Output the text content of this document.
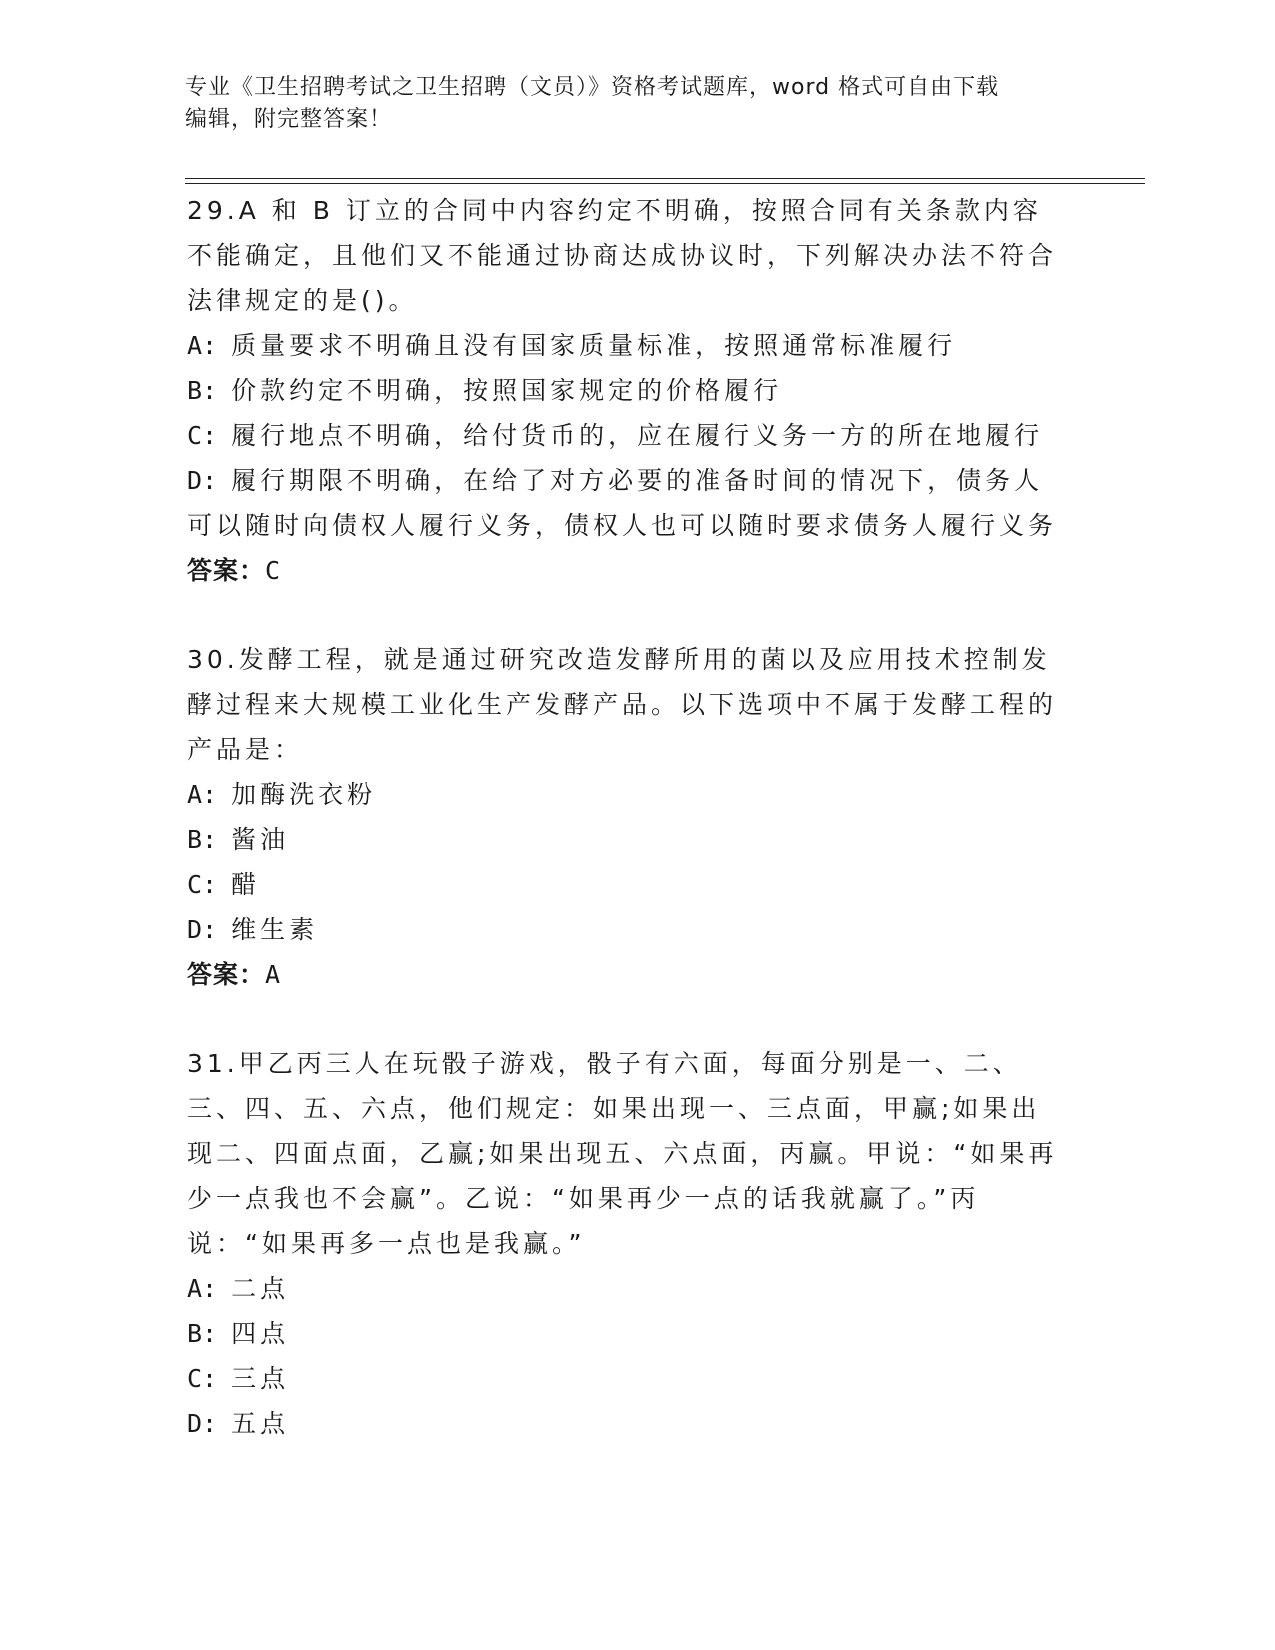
专业《卫生招聘考试之卫生招聘（文员）》资格考试题库，word 格式可自由下载
编辑，附完整答案！

29.A 和 B 订立的合同中内容约定不明确，按照合同有关条款内容不能确定，且他们又不能通过协商达成协议时，下列解决办法不符合法律规定的是()。

A: 质量要求不明确且没有国家质量标准，按照通常标准履行

B: 价款约定不明确，按照国家规定的价格履行

C: 履行地点不明确，给付货币的，应在履行义务一方的所在地履行

D: 履行期限不明确，在给了对方必要的准备时间的情况下，债务人可以随时向债权人履行义务，债权人也可以随时要求债务人履行义务

答案：C

30.发酵工程，就是通过研究改造发酵所用的菌以及应用技术控制发酵过程来大规模工业化生产发酵产品。以下选项中不属于发酵工程的产品是：

A: 加酶洗衣粉

B: 酱油

C: 醋

D: 维生素

答案：A

31.甲乙丙三人在玩骰子游戏，骰子有六面，每面分别是一、二、三、四、五、六点，他们规定：如果出现一、三点面，甲赢;如果出现二、四面点面，乙赢;如果出现五、六点面，丙赢。甲说：“如果再少一点我也不会赢”。乙说：“如果再少一点的话我就赢了。”丙说：“如果再多一点也是我赢。”

A: 二点

B: 四点

C: 三点

D: 五点
